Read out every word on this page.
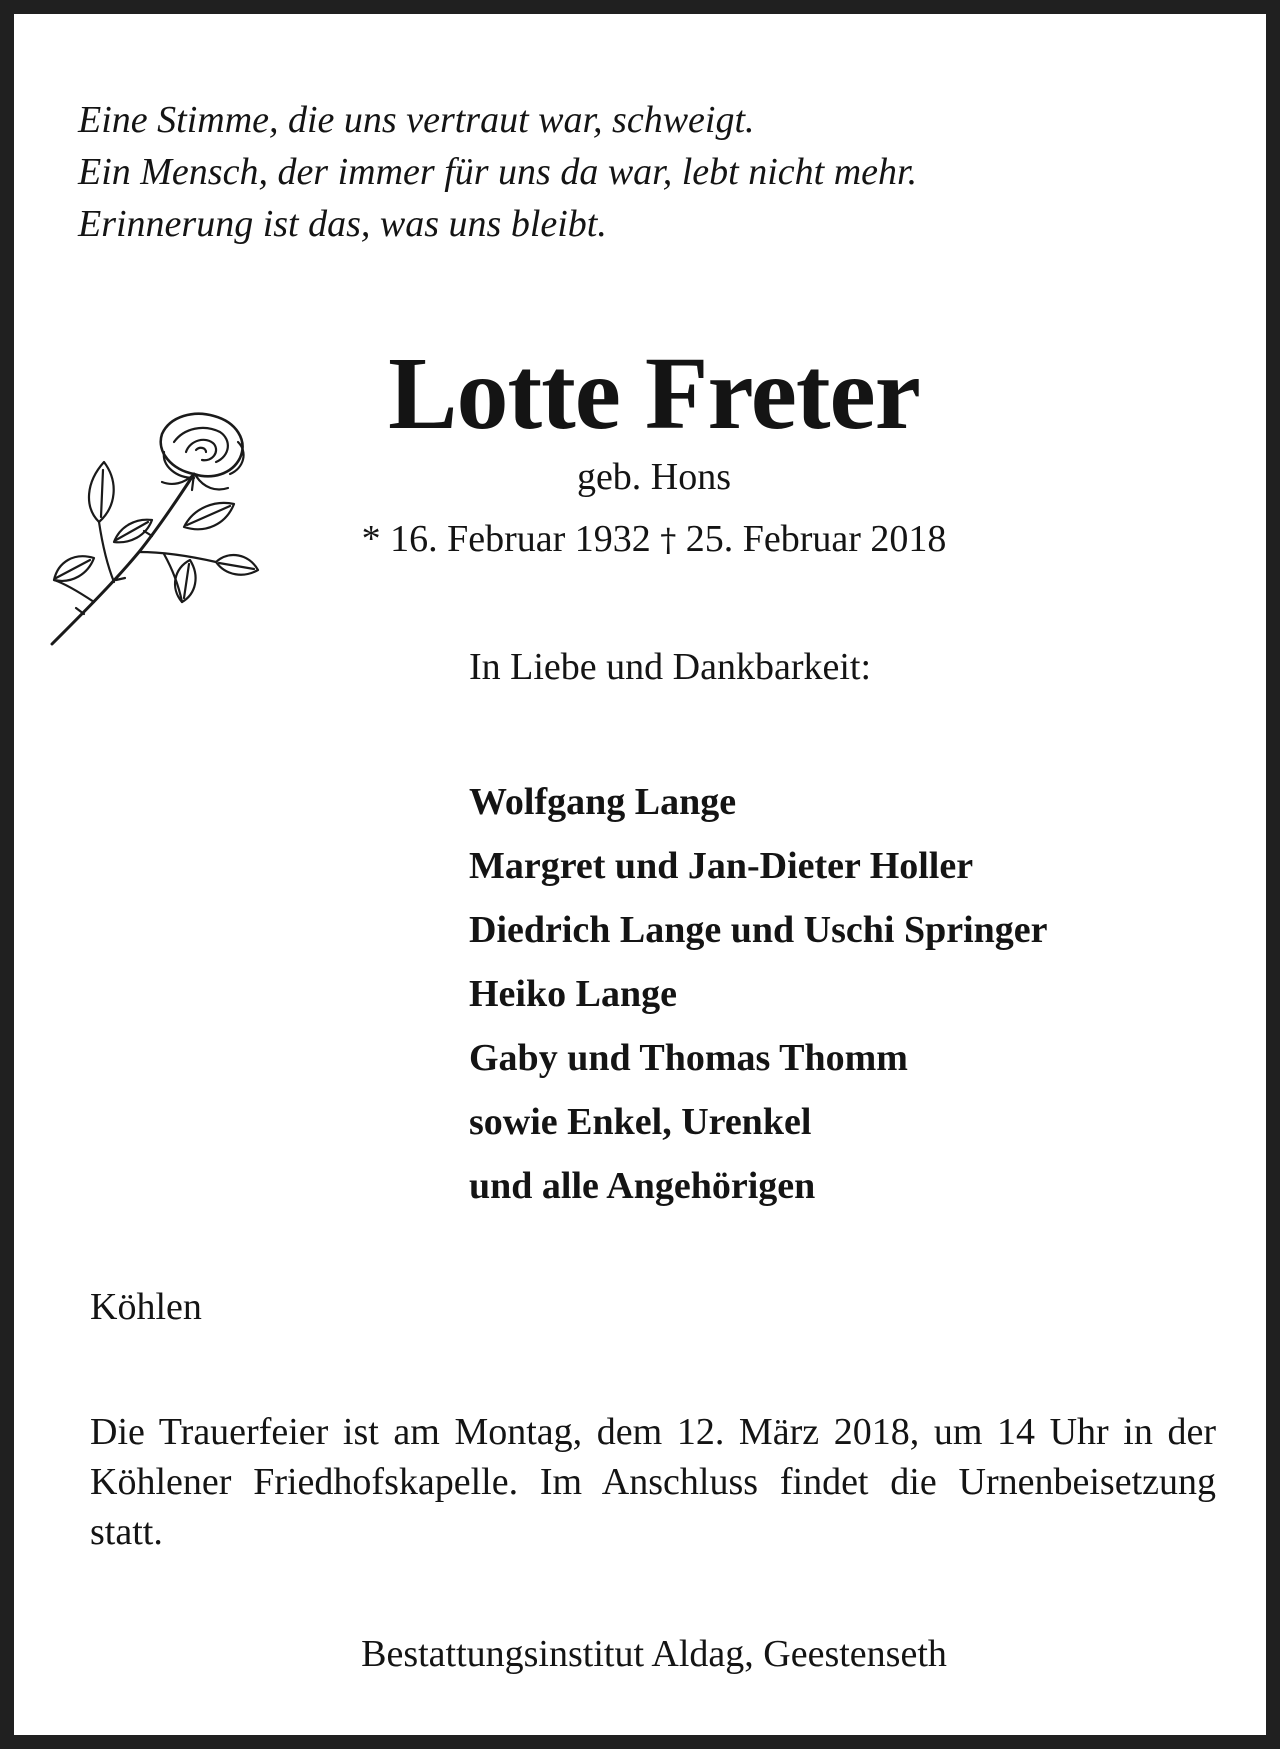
Eine Stimme, die uns vertraut war, schweigt.
Ein Mensch, der immer für uns da war, lebt nicht mehr.
Erinnerung ist das, was uns bleibt.
Lotte Freter
geb. Hons
* 16. Februar 1932 † 25. Februar 2018
In Liebe und Dankbarkeit:
Wolfgang Lange
Margret und Jan-Dieter Holler
Diedrich Lange und Uschi Springer
Heiko Lange
Gaby und Thomas Thomm
sowie Enkel, Urenkel
und alle Angehörigen
Köhlen
Die Trauerfeier ist am Montag, dem 12. März 2018, um 14 Uhr in der Köhlener Friedhofskapelle. Im Anschluss findet die Urnenbeisetzung statt.
Bestattungsinstitut Aldag, Geestenseth
